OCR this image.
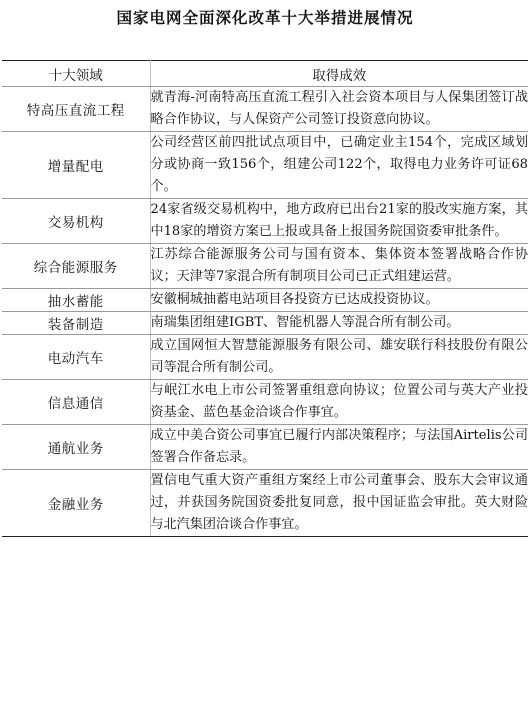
国家电网全面深化改革十大举措进展情况
十大领域	取得成效
特高压直流工程	就青海-河南特高压直流工程引入社会资本项目与人保集团签订战略合作协议，与人保资产公司签订投资意向协议。
增量配电	公司经营区前四批试点项目中，已确定业主154个，完成区域划分或协商一致156个，组建公司122个，取得电力业务许可证68个。
交易机构	24家省级交易机构中，地方政府已出台21家的股改实施方案，其中18家的增资方案已上报或具备上报国务院国资委审批条件。
综合能源服务	江苏综合能源服务公司与国有资本、集体资本签署战略合作协议；天津等7家混合所有制项目公司已正式组建运营。
抽水蓄能	安徽桐城抽蓄电站项目各投资方已达成投资协议。
装备制造	南瑞集团组建IGBT、智能机器人等混合所有制公司。
电动汽车	成立国网恒大智慧能源服务有限公司、雄安联行科技股份有限公司等混合所有制公司。
信息通信	与岷江水电上市公司签署重组意向协议；位置公司与英大产业投资基金、蓝色基金洽谈合作事宜。
通航业务	成立中美合资公司事宜已履行内部决策程序；与法国Airtelis公司签署合作备忘录。
金融业务	置信电气重大资产重组方案经上市公司董事会、股东大会审议通过，并获国务院国资委批复同意，报中国证监会审批。英大财险与北汽集团洽谈合作事宜。
